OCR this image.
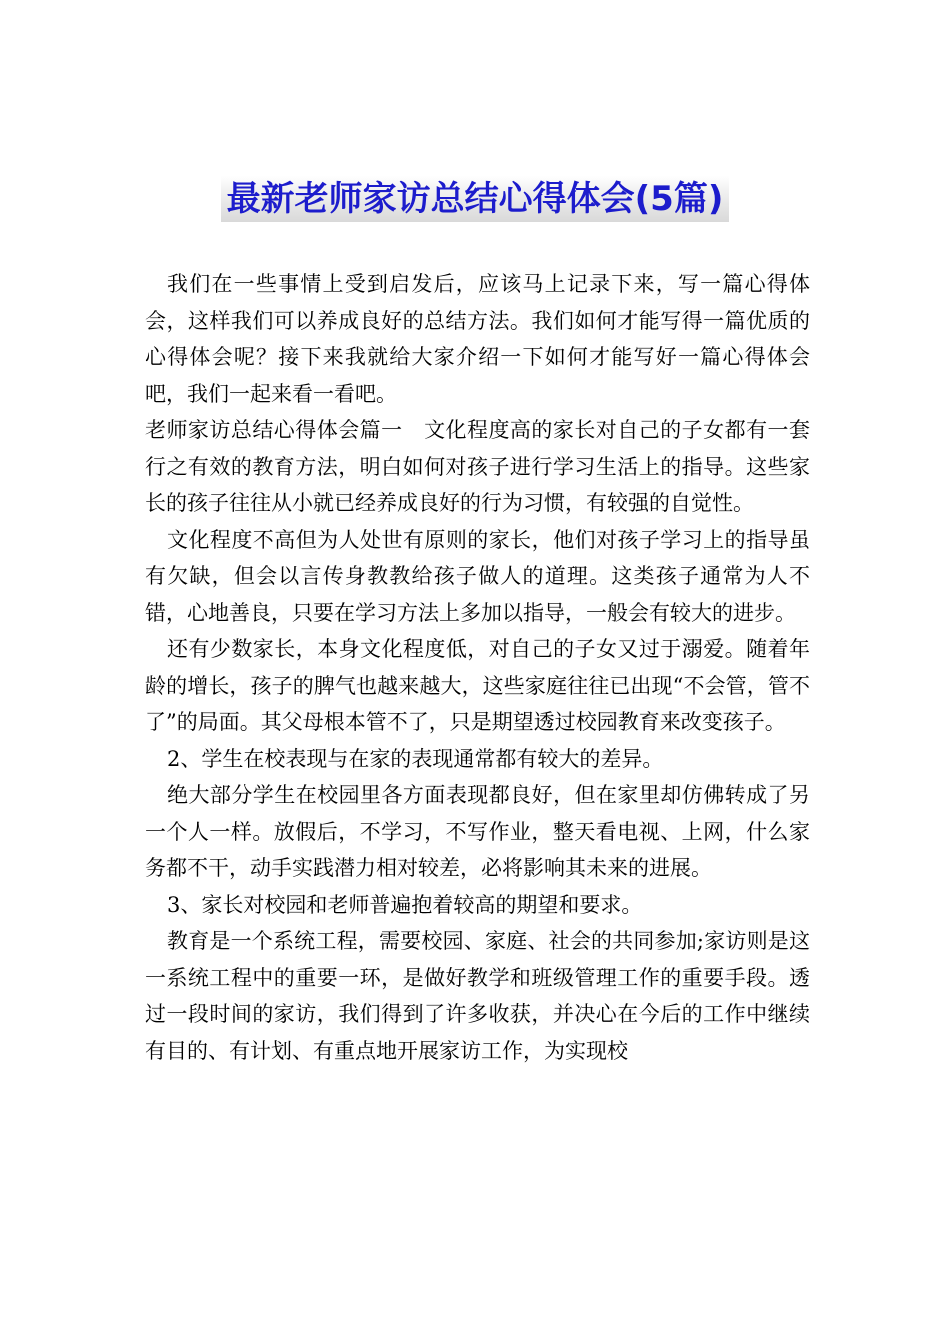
最新老师家访总结心得体会(5篇)

我们在一些事情上受到启发后，应该马上记录下来，写一篇心得体会，这样我们可以养成良好的总结方法。我们如何才能写得一篇优质的心得体会呢？接下来我就给大家介绍一下如何才能写好一篇心得体会吧，我们一起来看一看吧。

老师家访总结心得体会篇一　文化程度高的家长对自己的子女都有一套行之有效的教育方法，明白如何对孩子进行学习生活上的指导。这些家长的孩子往往从小就已经养成良好的行为习惯，有较强的自觉性。

文化程度不高但为人处世有原则的家长，他们对孩子学习上的指导虽有欠缺，但会以言传身教教给孩子做人的道理。这类孩子通常为人不错，心地善良，只要在学习方法上多加以指导，一般会有较大的进步。

还有少数家长，本身文化程度低，对自己的子女又过于溺爱。随着年龄的增长，孩子的脾气也越来越大，这些家庭往往已出现“不会管，管不了”的局面。其父母根本管不了，只是期望透过校园教育来改变孩子。

2、学生在校表现与在家的表现通常都有较大的差异。

绝大部分学生在校园里各方面表现都良好，但在家里却仿佛转成了另一个人一样。放假后，不学习，不写作业，整天看电视、上网，什么家务都不干，动手实践潜力相对较差，必将影响其未来的进展。

3、家长对校园和老师普遍抱着较高的期望和要求。

教育是一个系统工程，需要校园、家庭、社会的共同参加;家访则是这一系统工程中的重要一环，是做好教学和班级管理工作的重要手段。透过一段时间的家访，我们得到了许多收获，并决心在今后的工作中继续有目的、有计划、有重点地开展家访工作，为实现校
